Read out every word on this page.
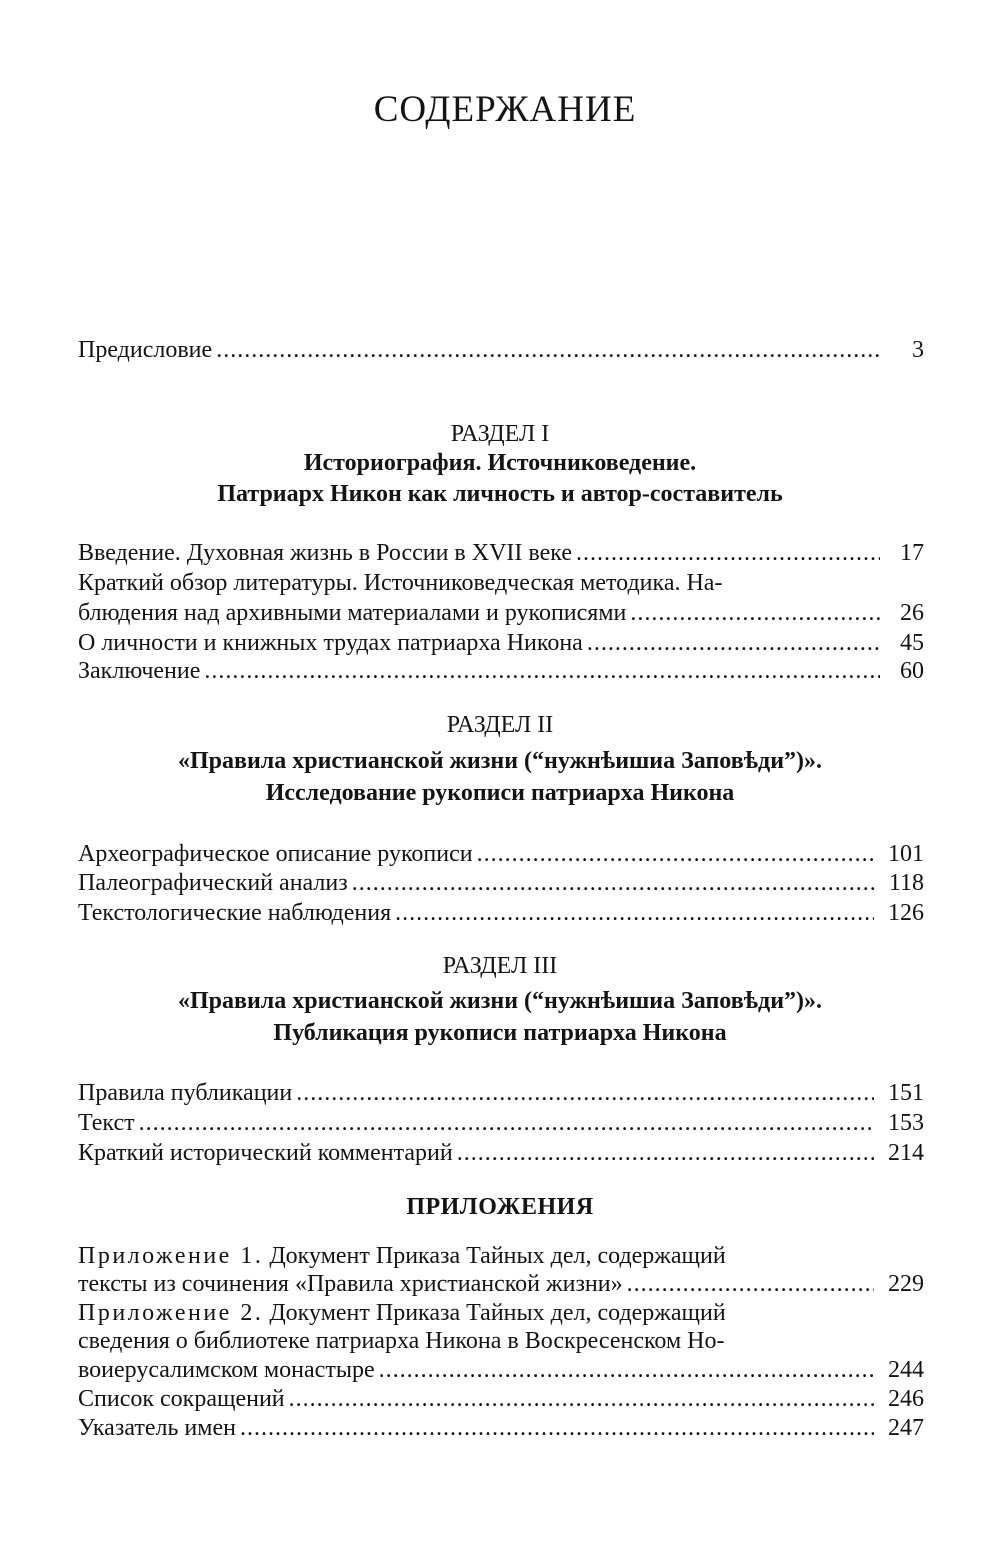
СОДЕРЖАНИЕ
Предисловие .....	3
РАЗДЕЛ I
Историография. Источниковедение.
Патриарх Никон как личность и автор-составитель
Введение. Духовная жизнь в России в XVII веке .....	17
Краткий обзор литературы. Источниковедческая методика. На-
блюдения над архивными материалами и рукописями .....	26
О личности и книжных трудах патриарха Никона .....	45
Заключение .....	60
РАЗДЕЛ II
«Правила христианской жизни (“нужнѣишиа Заповѣди”)».
Исследование рукописи патриарха Никона
Археографическое описание рукописи .....	101
Палеографический анализ .....	118
Текстологические наблюдения .....	126
РАЗДЕЛ III
«Правила христианской жизни (“нужнѣишиа Заповѣди”)».
Публикация рукописи патриарха Никона
Правила публикации .....	151
Текст .....	153
Краткий исторический комментарий .....	214
ПРИЛОЖЕНИЯ
Приложение 1. Документ Приказа Тайных дел, содержащий
тексты из сочинения «Правила христианской жизни» .....	229
Приложение 2. Документ Приказа Тайных дел, содержащий
сведения о библиотеке патриарха Никона в Воскресенском Но-
воиерусалимском монастыре .....	244
Список сокращений .....	246
Указатель имен .....	247
